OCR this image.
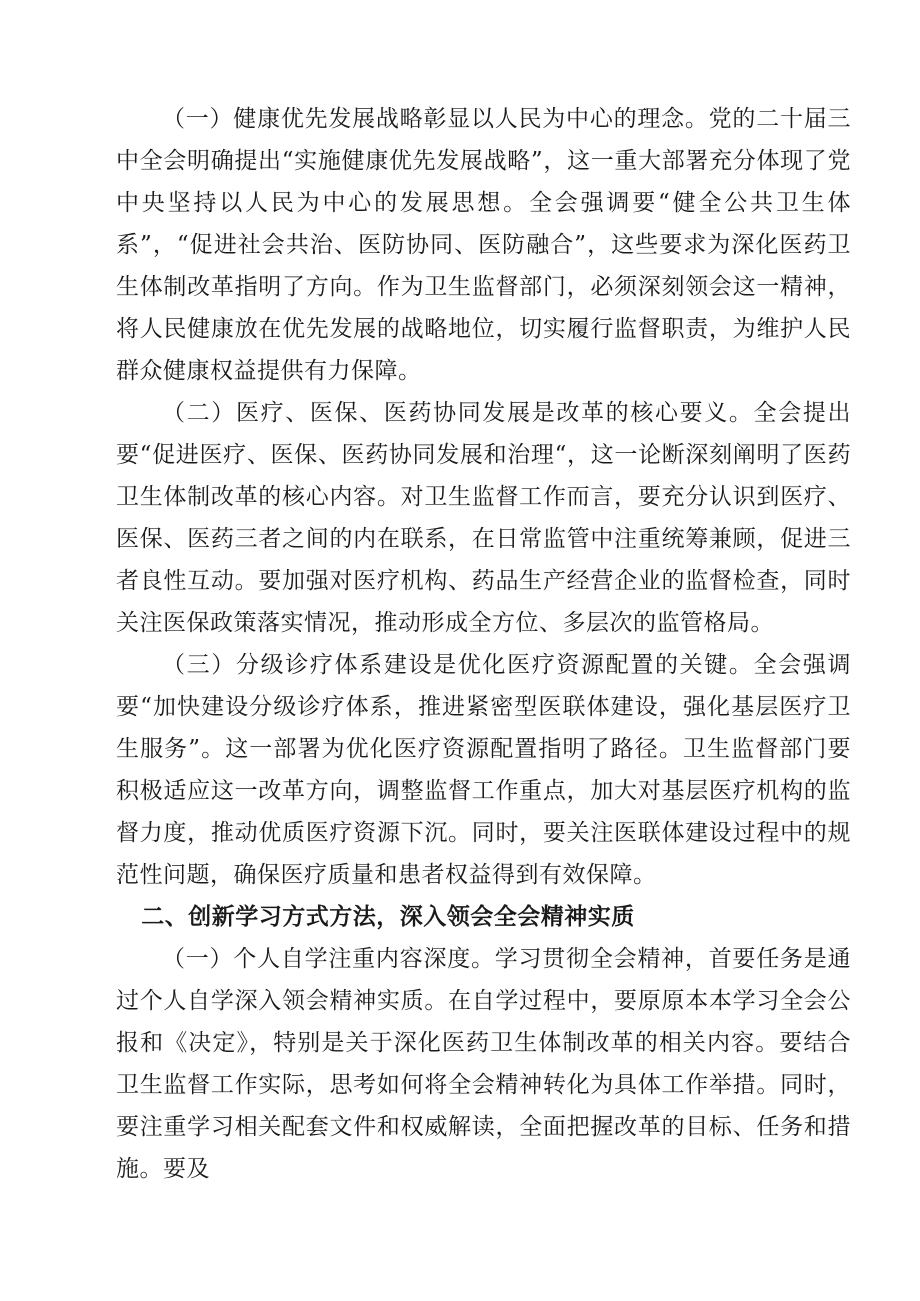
（一）健康优先发展战略彰显以人民为中心的理念。党的二十届三中全会明确提出“实施健康优先发展战略”，这一重大部署充分体现了党中央坚持以人民为中心的发展思想。全会强调要“健全公共卫生体系”，“促进社会共治、医防协同、医防融合”，这些要求为深化医药卫生体制改革指明了方向。作为卫生监督部门，必须深刻领会这一精神，将人民健康放在优先发展的战略地位，切实履行监督职责，为维护人民群众健康权益提供有力保障。

（二）医疗、医保、医药协同发展是改革的核心要义。全会提出要“促进医疗、医保、医药协同发展和治理“，这一论断深刻阐明了医药卫生体制改革的核心内容。对卫生监督工作而言，要充分认识到医疗、医保、医药三者之间的内在联系，在日常监管中注重统筹兼顾，促进三者良性互动。要加强对医疗机构、药品生产经营企业的监督检查，同时关注医保政策落实情况，推动形成全方位、多层次的监管格局。

（三）分级诊疗体系建设是优化医疗资源配置的关键。全会强调要“加快建设分级诊疗体系，推进紧密型医联体建设，强化基层医疗卫生服务”。这一部署为优化医疗资源配置指明了路径。卫生监督部门要积极适应这一改革方向，调整监督工作重点，加大对基层医疗机构的监督力度，推动优质医疗资源下沉。同时，要关注医联体建设过程中的规范性问题，确保医疗质量和患者权益得到有效保障。

二、创新学习方式方法，深入领会全会精神实质

（一）个人自学注重内容深度。学习贯彻全会精神，首要任务是通过个人自学深入领会精神实质。在自学过程中，要原原本本学习全会公报和《决定》，特别是关于深化医药卫生体制改革的相关内容。要结合卫生监督工作实际，思考如何将全会精神转化为具体工作举措。同时，要注重学习相关配套文件和权威解读，全面把握改革的目标、任务和措施。要及
